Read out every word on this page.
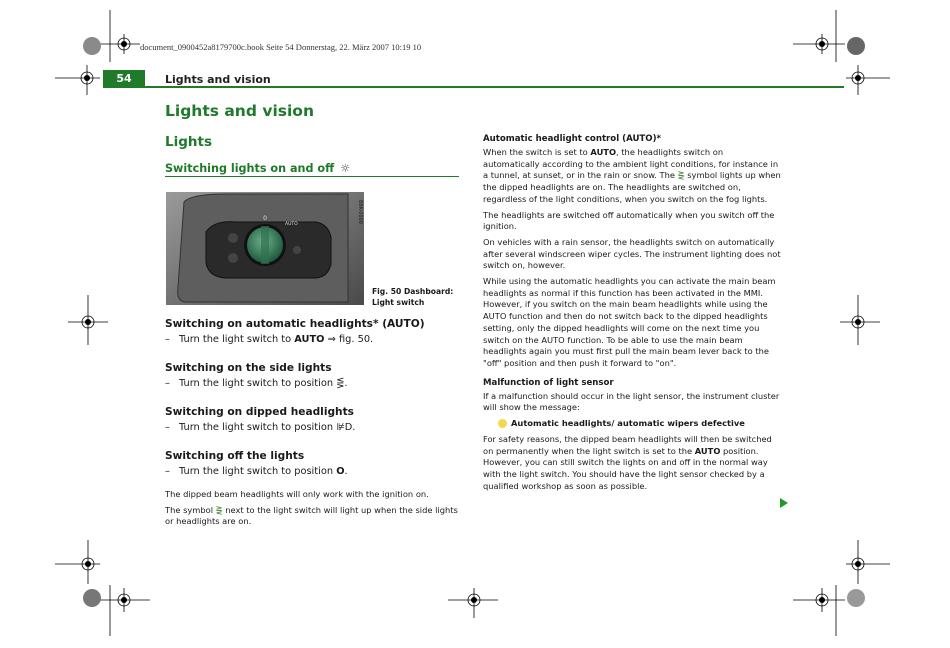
document_0900452a8179700c.book Seite 54 Donnerstag, 22. März 2007 10:19 10
54	Lights and vision
Lights and vision
Lights
Switching lights on and off ☼
0
AUTO
B8K-0008
Fig. 50 Dashboard:
Light switch
Switching on automatic headlights* (AUTO)
– Turn the light switch to AUTO ⇒ fig. 50.
Switching on the side lights
– Turn the light switch to position ⋚.
Switching on dipped headlights
– Turn the light switch to position ⊯D.
Switching off the lights
– Turn the light switch to position O.

The dipped beam headlights will only work with the ignition on.

The symbol ⋛ next to the light switch will light up when the side lights or headlights are on.

Automatic headlight control (AUTO)*

When the switch is set to AUTO, the headlights switch on automatically according to the ambient light conditions, for instance in a tunnel, at sunset, or in the rain or snow. The ⋛ symbol lights up when the dipped headlights are on. The headlights are switched on, regardless of the light conditions, when you switch on the fog lights.

The headlights are switched off automatically when you switch off the ignition.

On vehicles with a rain sensor, the headlights switch on automatically after several windscreen wiper cycles. The instrument lighting does not switch on, however.

While using the automatic headlights you can activate the main beam headlights as normal if this function has been activated in the MMI. However, if you switch on the main beam headlights while using the AUTO function and then do not switch back to the dipped headlights setting, only the dipped headlights will come on the next time you switch on the AUTO function. To be able to use the main beam headlights again you must first pull the main beam lever back to the "off" position and then push it forward to "on".

Malfunction of light sensor

If a malfunction should occur in the light sensor, the instrument cluster will show the message:

Automatic headlights/ automatic wipers defective

For safety reasons, the dipped beam headlights will then be switched on permanently when the light switch is set to the AUTO position. However, you can still switch the lights on and off in the normal way with the light switch. You should have the light sensor checked by a qualified workshop as soon as possible.
